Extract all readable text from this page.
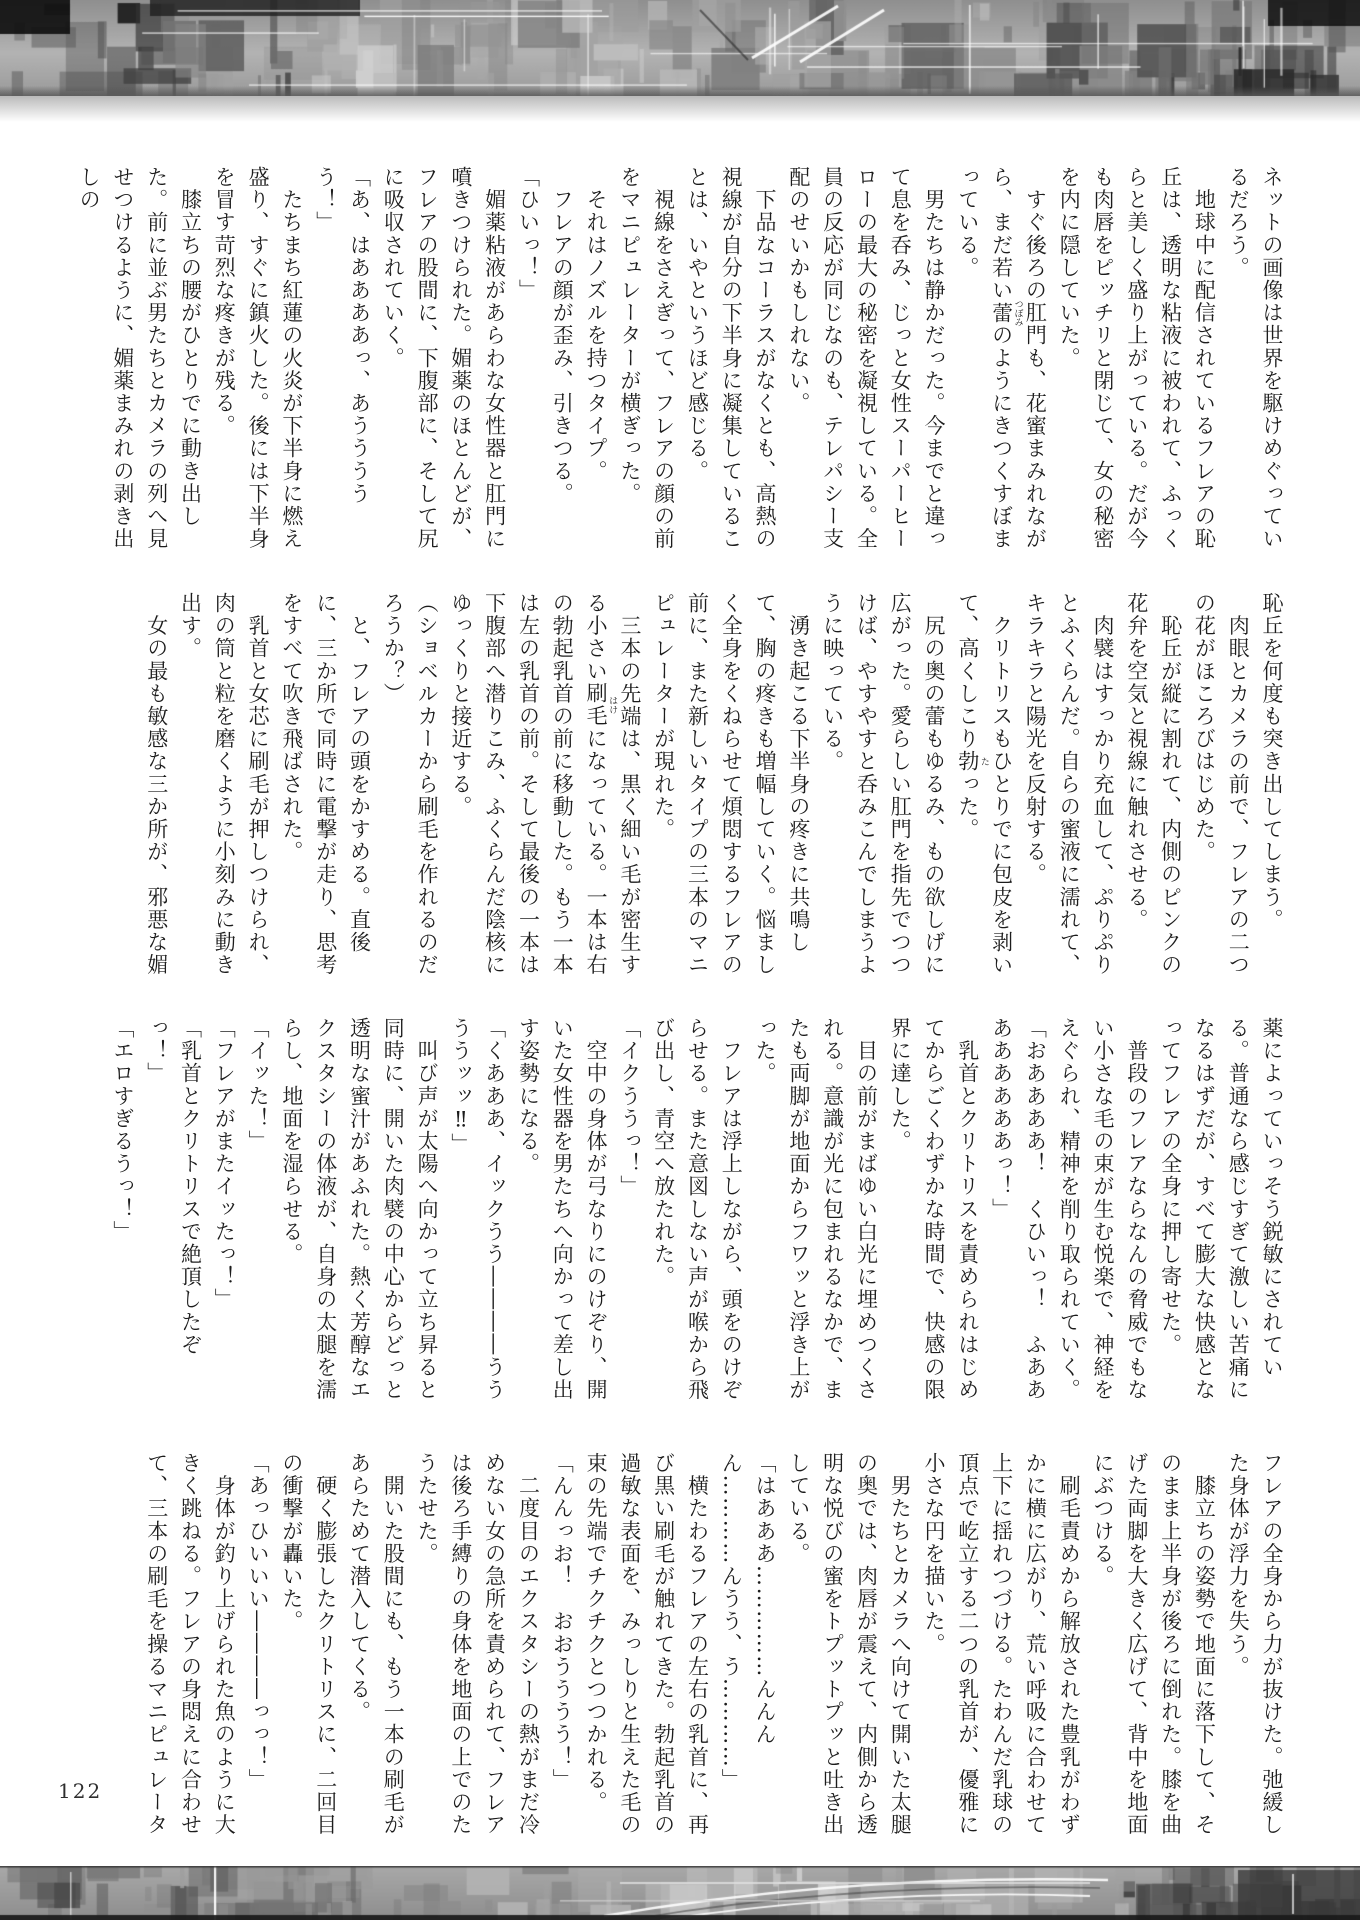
ネットの画像は世界を駆けめぐっているだろう。

　地球中に配信されているフレアの恥丘は、透明な粘液に被われて、ふっくらと美しく盛り上がっている。だが今も肉唇をピッチリと閉じて、女の秘密を内に隠していた。

　すぐ後ろの肛門も、花蜜まみれながら、まだ若い蕾 つぼみのようにきつくすぼまっている。

　男たちは静かだった。今までと違って息を呑み、じっと女性スーパーヒーローの最大の秘密を凝視している。全員の反応が同じなのも、テレパシー支配のせいかもしれない。

　下品なコーラスがなくとも、高熱の視線が自分の下半身に凝集していることは、いやというほど感じる。

　視線をさえぎって、フレアの顔の前をマニピュレーターが横ぎった。

　それはノズルを持つタイプ。

　フレアの顔が歪み、引きつる。

「ひいっ！」

　媚薬粘液があらわな女性器と肛門に噴きつけられた。媚薬のほとんどが、フレアの股間に、下腹部に、そして尻に吸収されていく。

「あ、はああああっ、あううううう！」

　たちまち紅蓮の火炎が下半身に燃え盛り、すぐに鎮火した。後には下半身を冒す苛烈な疼きが残る。

　膝立ちの腰がひとりでに動き出した。前に並ぶ男たちとカメラの列へ見せつけるように、媚薬まみれの剥き出しの

恥丘を何度も突き出してしまう。

　肉眼とカメラの前で、フレアの二つの花がほころびはじめた。

　恥丘が縦に割れて、内側のピンクの花弁を空気と視線に触れさせる。

　肉襞はすっかり充血して、ぷりぷりとふくらんだ。自らの蜜液に濡れて、キラキラと陽光を反射する。

　クリトリスもひとりでに包皮を剥いて、高くしこり勃 たった。

　尻の奥の蕾もゆるみ、もの欲しげに広がった。愛らしい肛門を指先でつつけば、やすやすと呑みこんでしまうように映っている。

　湧き起こる下半身の疼きに共鳴して、胸の疼きも増幅していく。悩ましく全身をくねらせて煩悶するフレアの前に、また新しいタイプの三本のマニピュレーターが現れた。

　三本の先端は、黒く細い毛が密生する小さい刷毛 はけになっている。一本は右の勃起乳首の前に移動した。もう一本は左の乳首の前。そして最後の一本は下腹部へ潜りこみ、ふくらんだ陰核にゆっくりと接近する。

（ショベルカーから刷毛を作れるのだろうか？）

　と、フレアの頭をかすめる。直後に、三か所で同時に電撃が走り、思考をすべて吹き飛ばされた。

　乳首と女芯に刷毛が押しつけられ、肉の筒と粒を磨くように小刻みに動き出す。

　女の最も敏感な三か所が、邪悪な媚

薬によっていっそう鋭敏にされている。普通なら感じすぎて激しい苦痛になるはずだが、すべて膨大な快感となってフレアの全身に押し寄せた。

　普段のフレアならなんの脅威でもない小さな毛の束が生む悦楽で、神経をえぐられ、精神を削り取られていく。

「おああああ！　くひいっ！　ふああああああああっ！」

　乳首とクリトリスを責められはじめてからごくわずかな時間で、快感の限界に達した。

　目の前がまばゆい白光に埋めつくされる。意識が光に包まれるなかで、またも両脚が地面からフワッと浮き上がった。

　フレアは浮上しながら、頭をのけぞらせる。また意図しない声が喉から飛び出し、青空へ放たれた。

「イクううっ！」

　空中の身体が弓なりにのけぞり、開いた女性器を男たちへ向かって差し出す姿勢になる。

「くあああ、イックうう――――ううううッッ‼」

　叫び声が太陽へ向かって立ち昇ると同時に、開いた肉襞の中心からどっと透明な蜜汁があふれた。熱く芳醇なエクスタシーの体液が、自身の太腿を濡らし、地面を湿らせる。

「イッた！」

「フレアがまたイッたっ！」

「乳首とクリトリスで絶頂したぞっ！」

「エロすぎるうっ！」

フレアの全身から力が抜けた。弛緩した身体が浮力を失う。

　膝立ちの姿勢で地面に落下して、そのまま上半身が後ろに倒れた。膝を曲げた両脚を大きく広げて、背中を地面にぶつける。

　刷毛責めから解放された豊乳がわずかに横に広がり、荒い呼吸に合わせて上下に揺れつづける。たわんだ乳球の頂点で屹立する二つの乳首が、優雅に小さな円を描いた。

　男たちとカメラへ向けて開いた太腿の奥では、肉唇が震えて、内側から透明な悦びの蜜をトプットプッと吐き出している。

「はあああ……………んんんん…………んうう、う…………」

　横たわるフレアの左右の乳首に、再び黒い刷毛が触れてきた。勃起乳首の過敏な表面を、みっしりと生えた毛の束の先端でチクチクとつつかれる。

「んんっお！　おおうううう！」

　二度目のエクスタシーの熱がまだ冷めない女の急所を責められて、フレアは後ろ手縛りの身体を地面の上でのたうたせた。

　開いた股間にも、もう一本の刷毛があらためて潜入してくる。

　硬く膨張したクリトリスに、二回目の衝撃が轟いた。

「あっひいいい――――っっ！」

　身体が釣り上げられた魚のように大きく跳ねる。フレアの身悶えに合わせて、三本の刷毛を操るマニピュレータ

122
